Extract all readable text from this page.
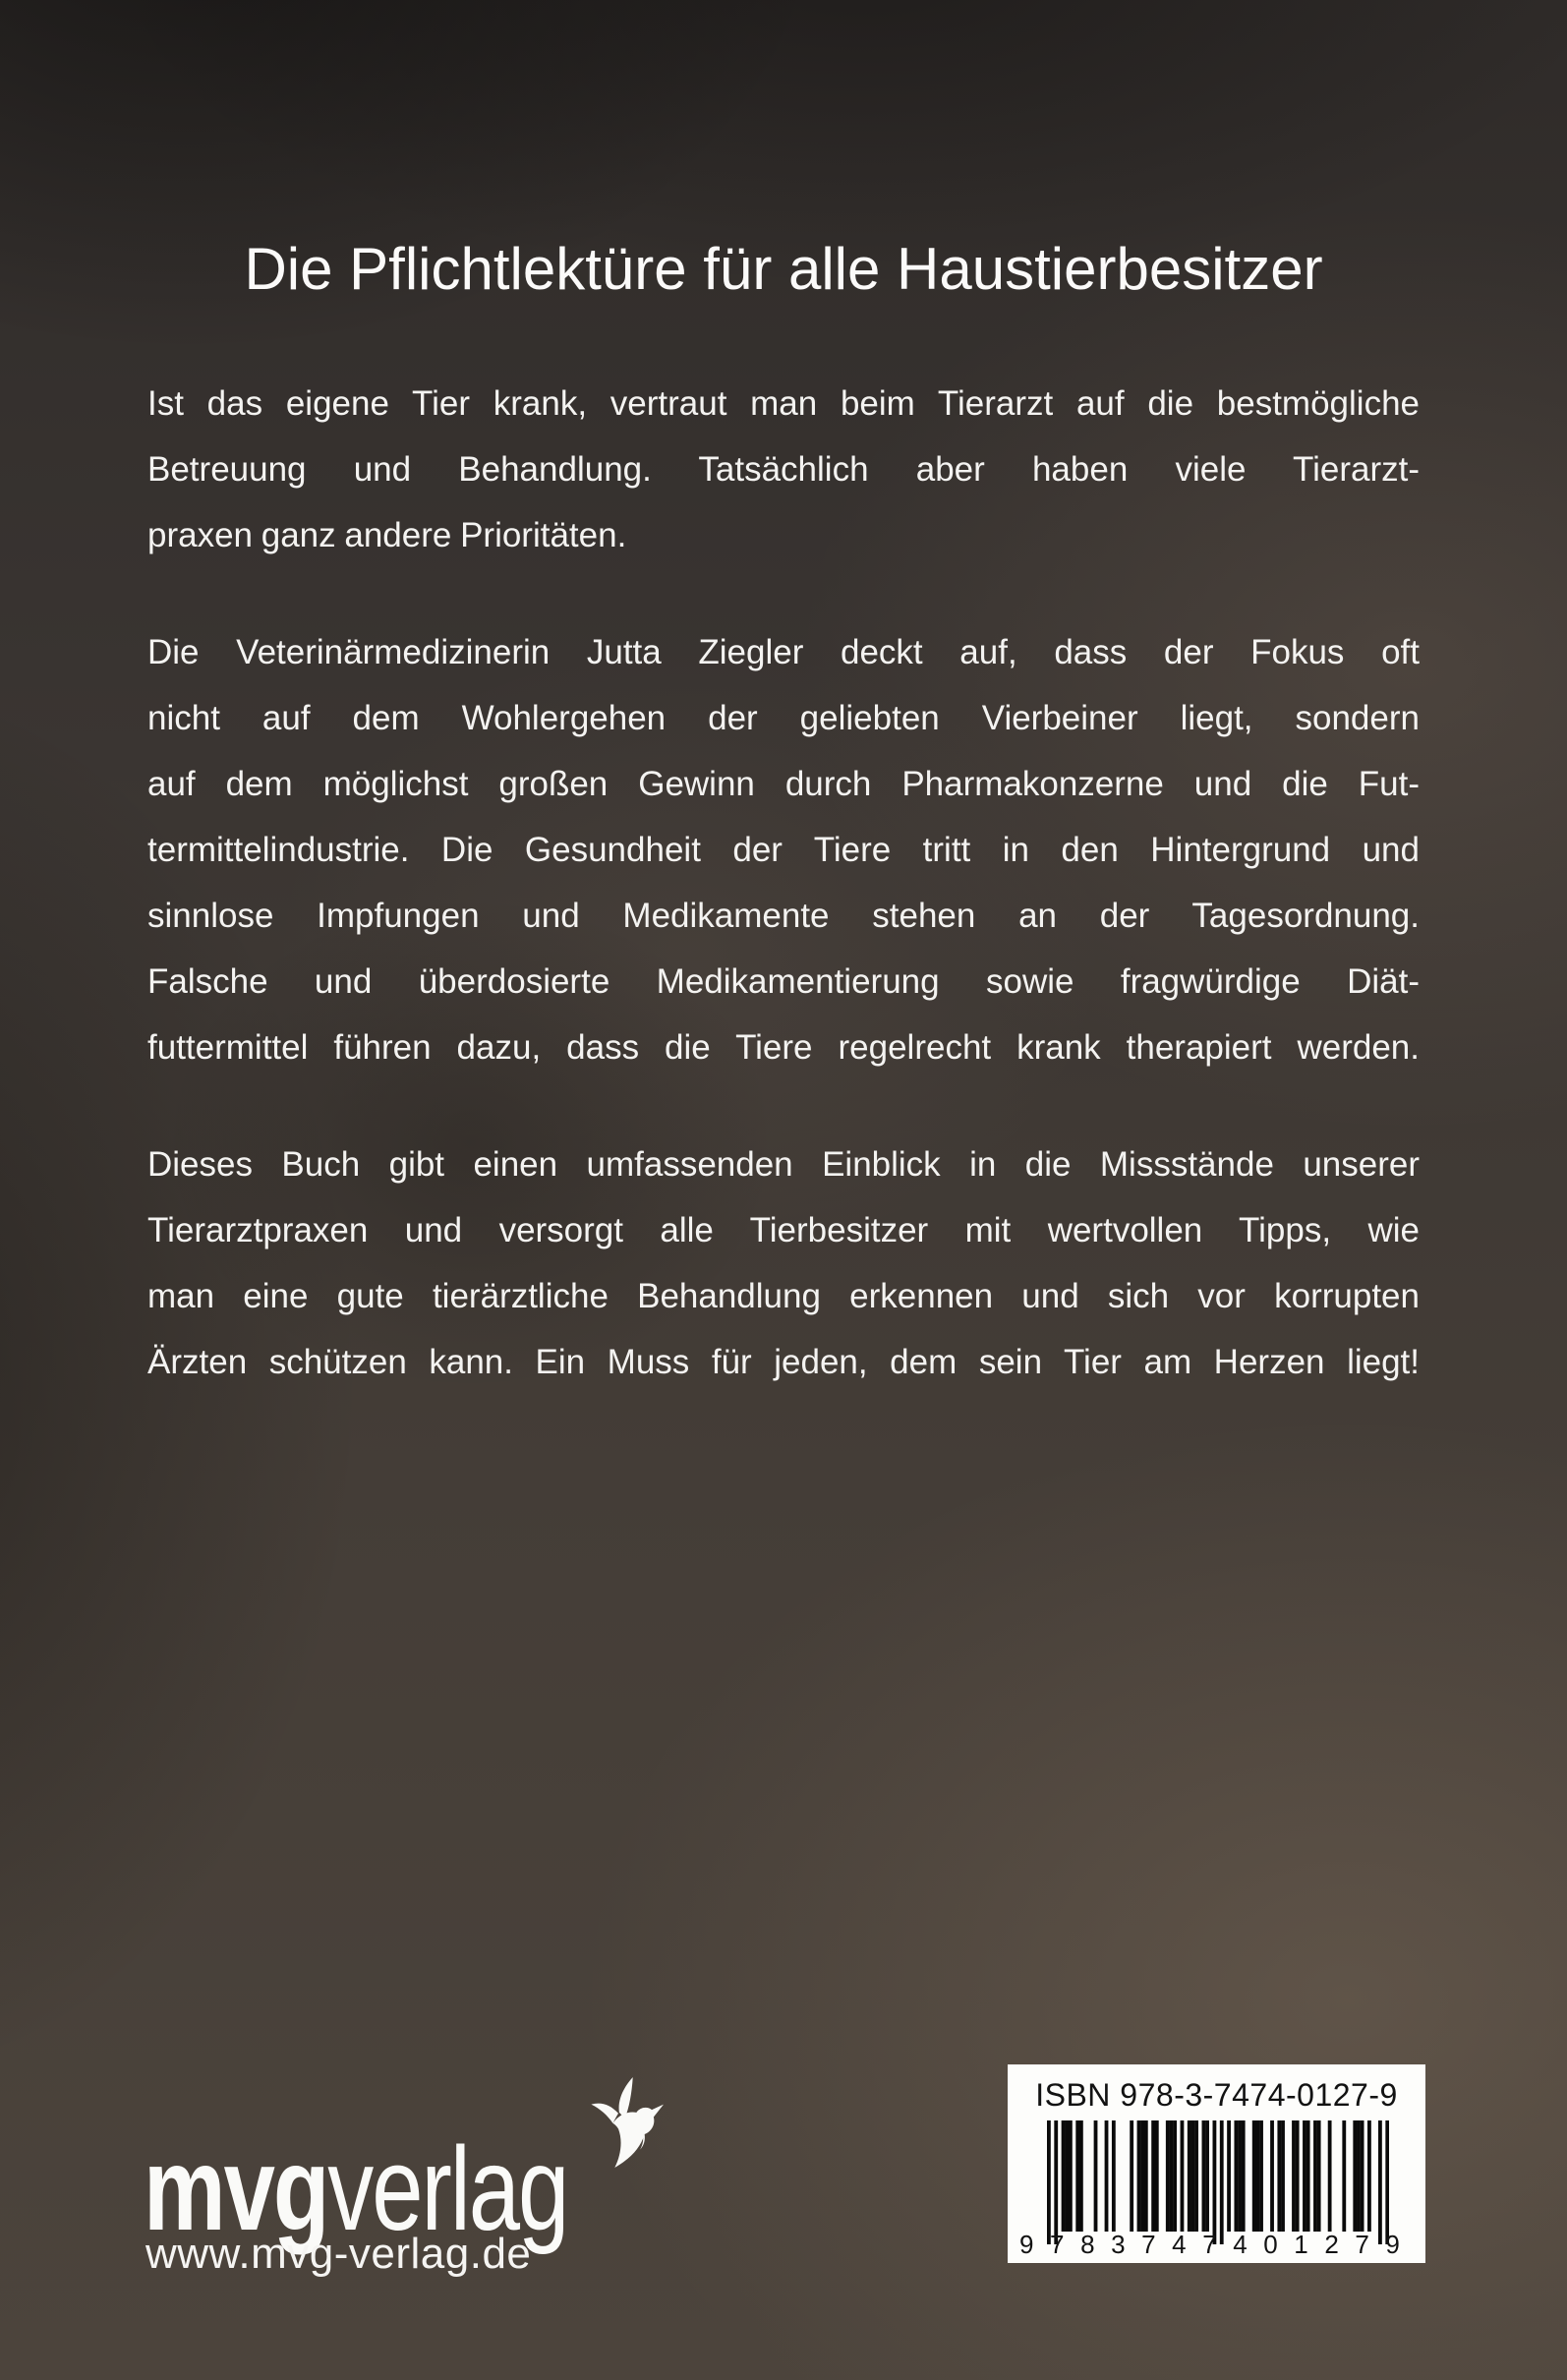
Die Pflichtlektüre für alle Haustierbesitzer
Ist das eigene Tier krank, vertraut man beim Tierarzt auf die bestmögliche
Betreuung und Behandlung. Tatsächlich aber haben viele Tierarzt-
praxen ganz andere Prioritäten.
Die Veterinärmedizinerin Jutta Ziegler deckt auf, dass der Fokus oft
nicht auf dem Wohlergehen der geliebten Vierbeiner liegt, sondern
auf dem möglichst großen Gewinn durch Pharmakonzerne und die Fut-
termittelindustrie. Die Gesundheit der Tiere tritt in den Hintergrund und
sinnlose Impfungen und Medikamente stehen an der Tagesordnung.
Falsche und überdosierte Medikamentierung sowie fragwürdige Diät-
futtermittel führen dazu, dass die Tiere regelrecht krank therapiert werden.
Dieses Buch gibt einen umfassenden Einblick in die Missstände unserer
Tierarztpraxen und versorgt alle Tierbesitzer mit wertvollen Tipps, wie
man eine gute tierärztliche Behandlung erkennen und sich vor korrupten
Ärzten schützen kann. Ein Muss für jeden, dem sein Tier am Herzen liegt!
mvgverlag
www.mvg-verlag.de
ISBN 978-3-7474-0127-9
9 7 8 3 7 4 7 4 0 1 2 7 9
